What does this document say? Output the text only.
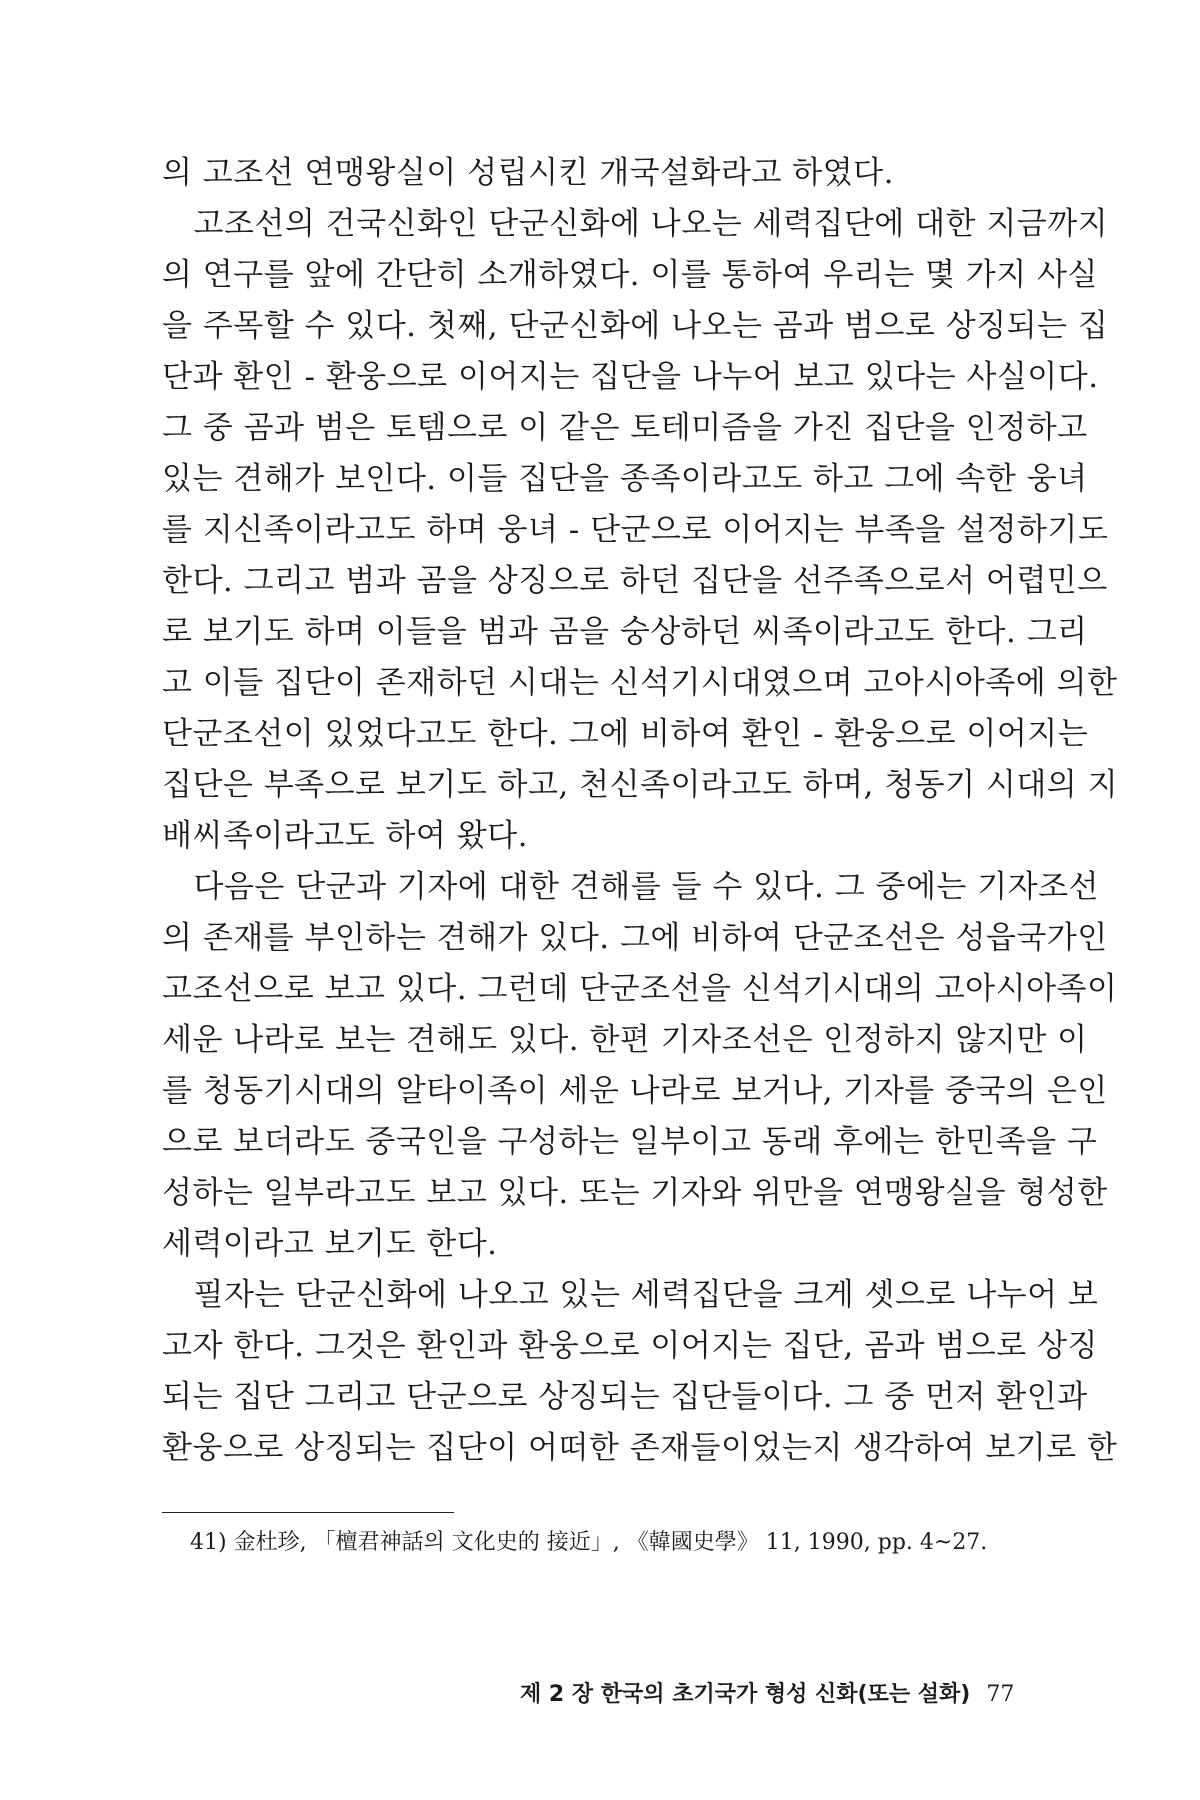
의 고조선 연맹왕실이 성립시킨 개국설화라고 하였다.
　고조선의 건국신화인 단군신화에 나오는 세력집단에 대한 지금까지
의 연구를 앞에 간단히 소개하였다. 이를 통하여 우리는 몇 가지 사실
을 주목할 수 있다. 첫째, 단군신화에 나오는 곰과 범으로 상징되는 집
단과 환인 - 환웅으로 이어지는 집단을 나누어 보고 있다는 사실이다.
그 중 곰과 범은 토템으로 이 같은 토테미즘을 가진 집단을 인정하고
있는 견해가 보인다. 이들 집단을 종족이라고도 하고 그에 속한 웅녀
를 지신족이라고도 하며 웅녀 - 단군으로 이어지는 부족을 설정하기도
한다. 그리고 범과 곰을 상징으로 하던 집단을 선주족으로서 어렵민으
로 보기도 하며 이들을 범과 곰을 숭상하던 씨족이라고도 한다. 그리
고 이들 집단이 존재하던 시대는 신석기시대였으며 고아시아족에 의한
단군조선이 있었다고도 한다. 그에 비하여 환인 - 환웅으로 이어지는
집단은 부족으로 보기도 하고, 천신족이라고도 하며, 청동기 시대의 지
배씨족이라고도 하여 왔다.
　다음은 단군과 기자에 대한 견해를 들 수 있다. 그 중에는 기자조선
의 존재를 부인하는 견해가 있다. 그에 비하여 단군조선은 성읍국가인
고조선으로 보고 있다. 그런데 단군조선을 신석기시대의 고아시아족이
세운 나라로 보는 견해도 있다. 한편 기자조선은 인정하지 않지만 이
를 청동기시대의 알타이족이 세운 나라로 보거나, 기자를 중국의 은인
으로 보더라도 중국인을 구성하는 일부이고 동래 후에는 한민족을 구
성하는 일부라고도 보고 있다. 또는 기자와 위만을 연맹왕실을 형성한
세력이라고 보기도 한다.
　필자는 단군신화에 나오고 있는 세력집단을 크게 셋으로 나누어 보
고자 한다. 그것은 환인과 환웅으로 이어지는 집단, 곰과 범으로 상징
되는 집단 그리고 단군으로 상징되는 집단들이다. 그 중 먼저 환인과
환웅으로 상징되는 집단이 어떠한 존재들이었는지 생각하여 보기로 한
41) 金杜珍, 「檀君神話의 文化史的 接近」, 《韓國史學》 11, 1990, pp. 4~27.
제 2 장 한국의 초기국가 형성 신화(또는 설화) 77
